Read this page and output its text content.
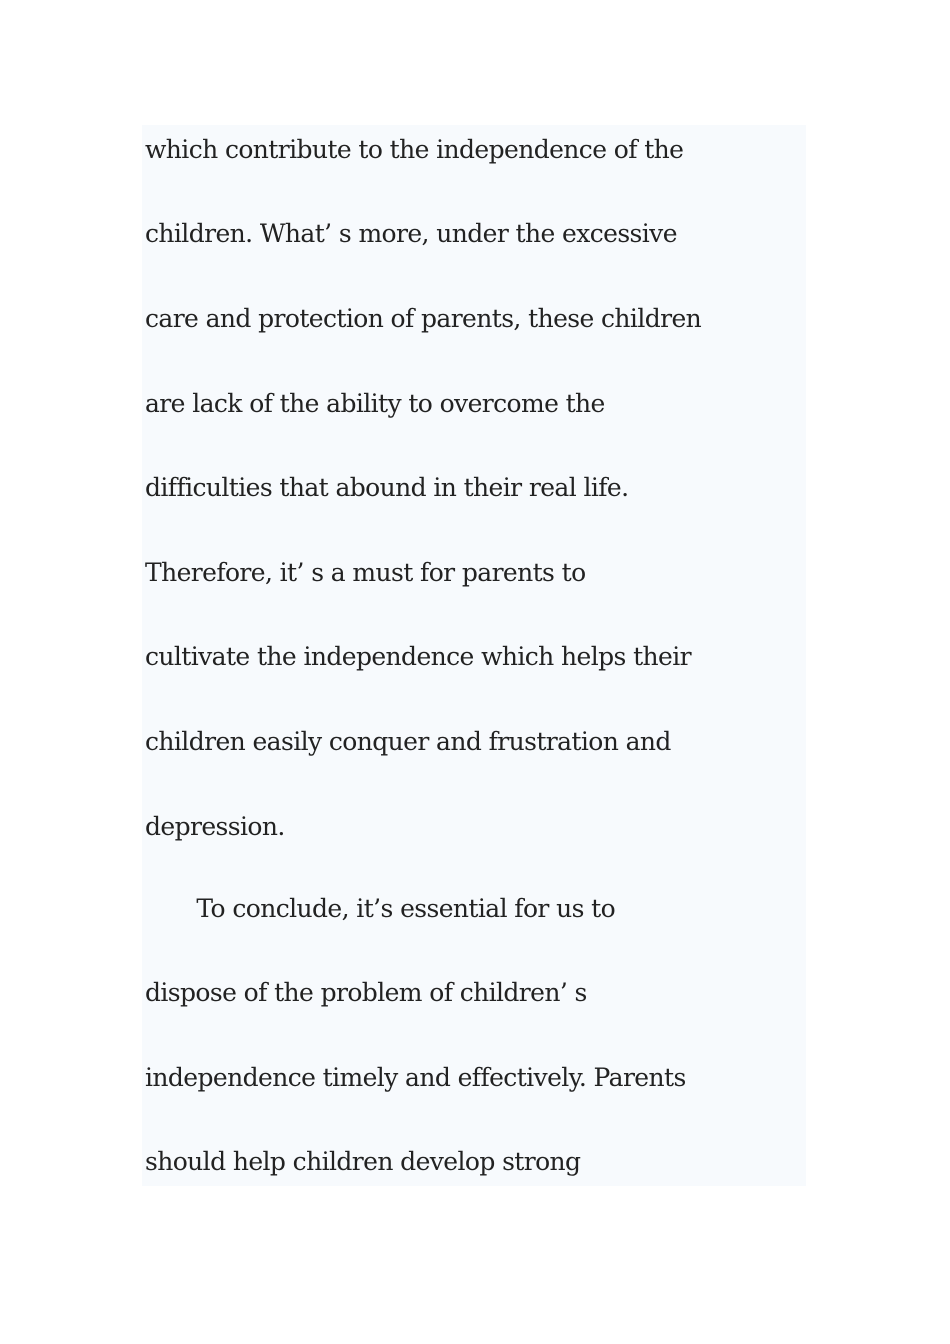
which contribute to the independence of the
children. What’ s more, under the excessive
care and protection of parents, these children
are lack of the ability to overcome the
difficulties that abound in their real life.
Therefore, it’ s a must for parents to
cultivate the independence which helps their
children easily conquer and frustration and
depression.
To conclude, it’s essential for us to
dispose of the problem of children’ s
independence timely and effectively. Parents
should help children develop strong
